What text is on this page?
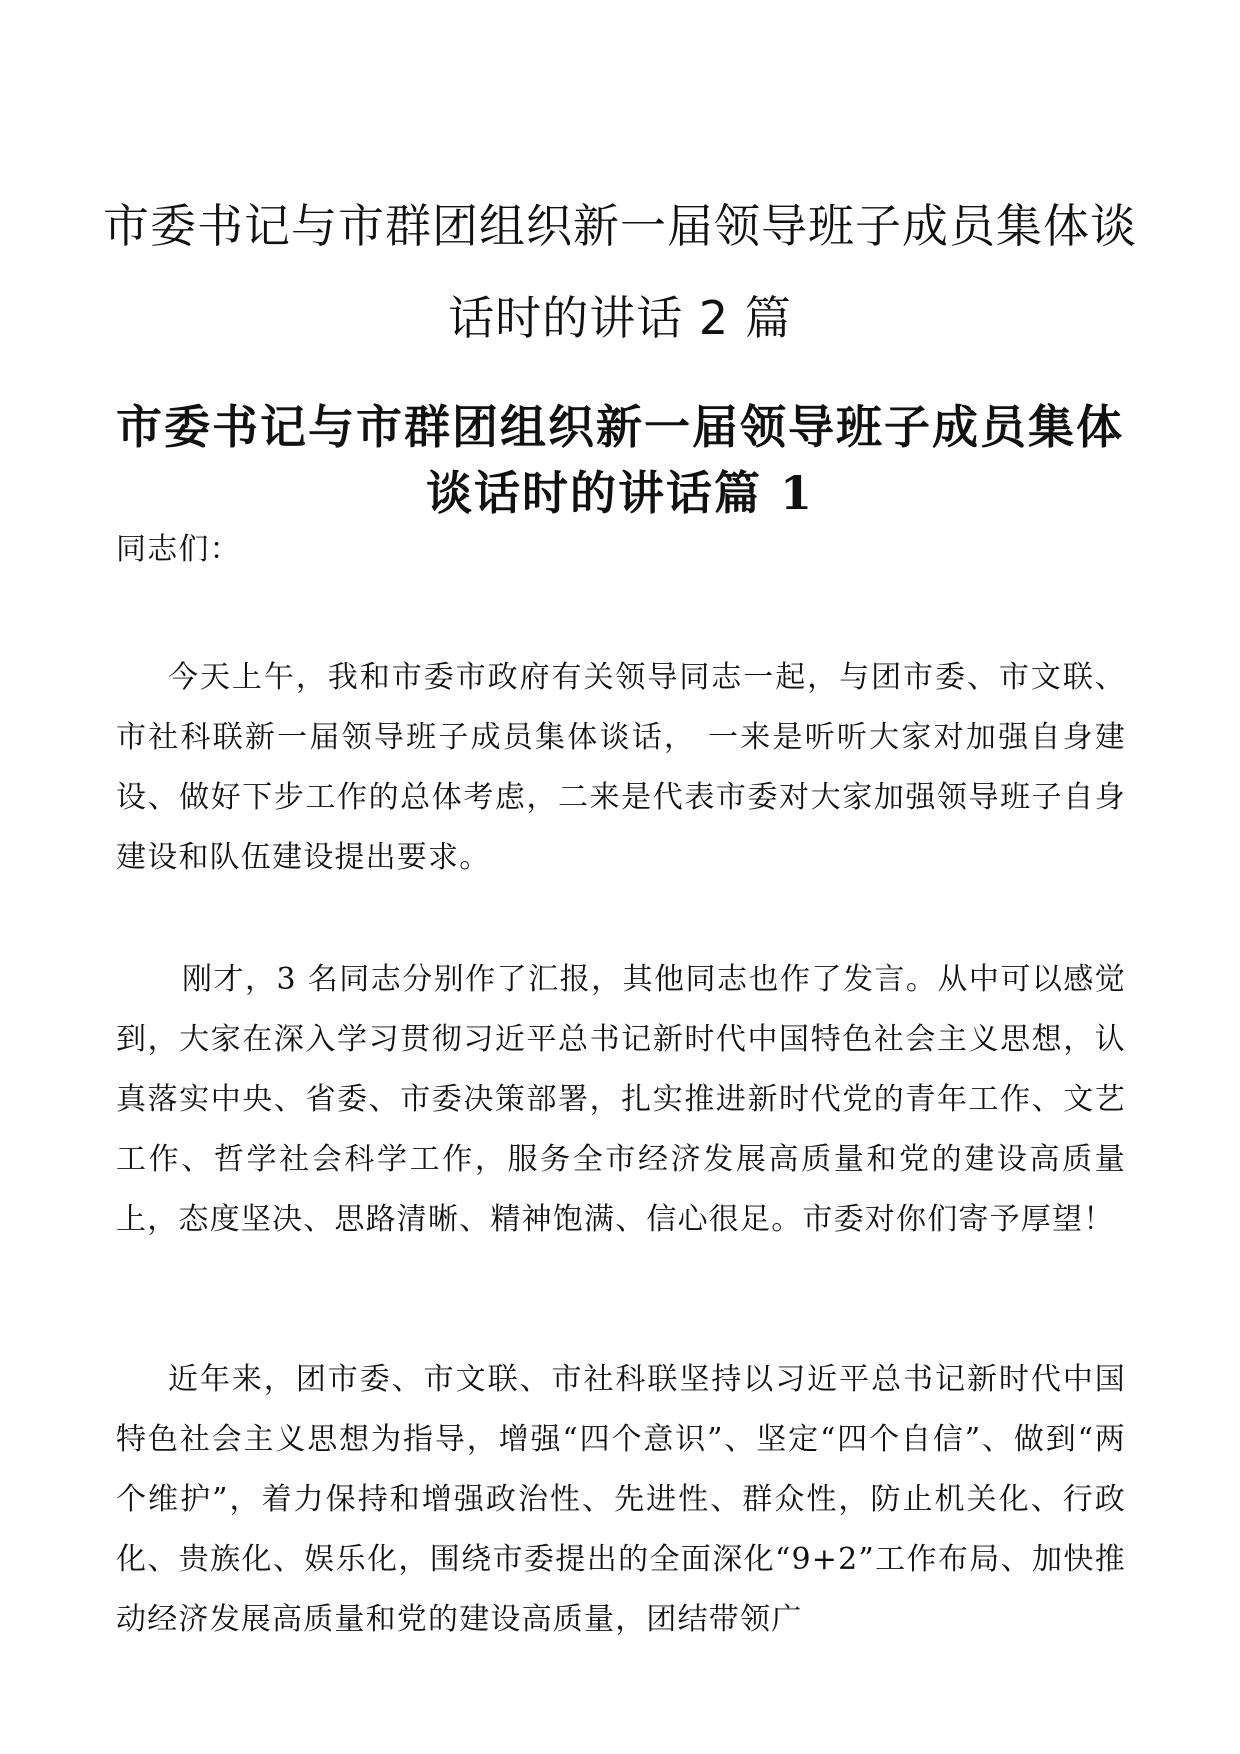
市委书记与市群团组织新一届领导班子成员集体谈话时的讲话 2 篇
市委书记与市群团组织新一届领导班子成员集体谈话时的讲话篇 1

同志们：

今天上午，我和市委市政府有关领导同志一起，与团市委、市文联、市社科联新一届领导班子成员集体谈话， 一来是听听大家对加强自身建设、做好下步工作的总体考虑，二来是代表市委对大家加强领导班子自身建设和队伍建设提出要求。

刚才，3 名同志分别作了汇报，其他同志也作了发言。从中可以感觉到，大家在深入学习贯彻习近平总书记新时代中国特色社会主义思想，认真落实中央、省委、市委决策部署，扎实推进新时代党的青年工作、文艺工作、哲学社会科学工作，服务全市经济发展高质量和党的建设高质量上，态度坚决、思路清晰、精神饱满、信心很足。市委对你们寄予厚望！

近年来，团市委、市文联、市社科联坚持以习近平总书记新时代中国特色社会主义思想为指导，增强“四个意识”、坚定“四个自信”、做到“两个维护”，着力保持和增强政治性、先进性、群众性，防止机关化、行政化、贵族化、娱乐化，围绕市委提出的全面深化“9+2”工作布局、加快推动经济发展高质量和党的建设高质量，团结带领广
